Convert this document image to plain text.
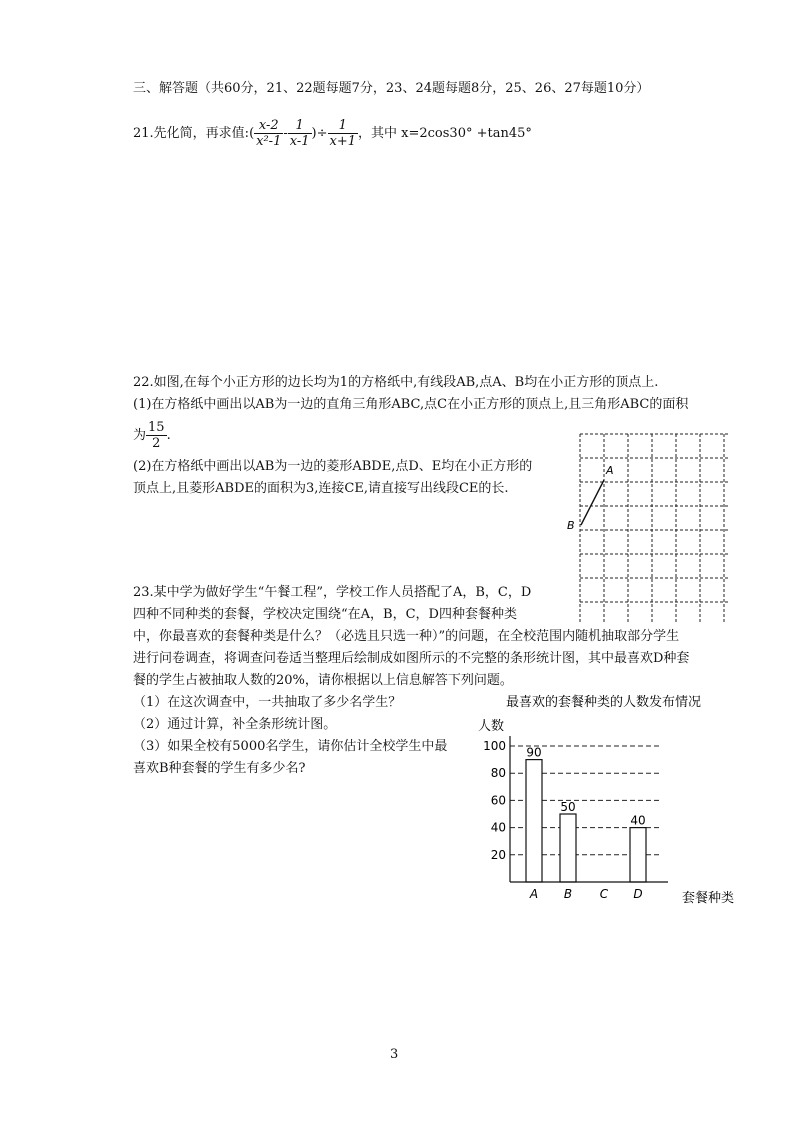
三、解答题（共60分，21、22题每题7分，23、24题每题8分，25、26、27每题10分）
21.先化简，再求值:( $\frac{x-2}{\text{x²-1}} - \frac{1}{x-1}$ )÷ $\frac{1}{x+1}$ ，其中 x=2cos30° +tan45°
22.如图,在每个小正方形的边长均为1的方格纸中,有线段AB,点A、B均在小正方形的顶点上.
(1)在方格纸中画出以AB为一边的直角三角形ABC,点C在小正方形的顶点上,且三角形ABC的面积
为 $\frac{15}{2}$ .
(2)在方格纸中画出以AB为一边的菱形ABDE,点D、E均在小正方形的
顶点上,且菱形ABDE的面积为3,连接CE,请直接写出线段CE的长.
A
B
23.某中学为做好学生“午餐工程”，学校工作人员搭配了A，B，C，D
四种不同种类的套餐，学校决定围绕“在A，B，C，D四种套餐种类
中，你最喜欢的套餐种类是什么？（必选且只选一种）”的问题，在全校范围内随机抽取部分学生
进行问卷调查，将调查问卷适当整理后绘制成如图所示的不完整的条形统计图，其中最喜欢D种套
餐的学生占被抽取人数的20%，请你根据以上信息解答下列问题。
（1）在这次调查中，一共抽取了多少名学生？
（2）通过计算，补全条形统计图。
（3）如果全校有5000名学生，请你估计全校学生中最
喜欢B种套餐的学生有多少名?
最喜欢的套餐种类的人数发布情况
人数
20
40
60
80
100
A B C D
90
50
40
套餐种类
3
